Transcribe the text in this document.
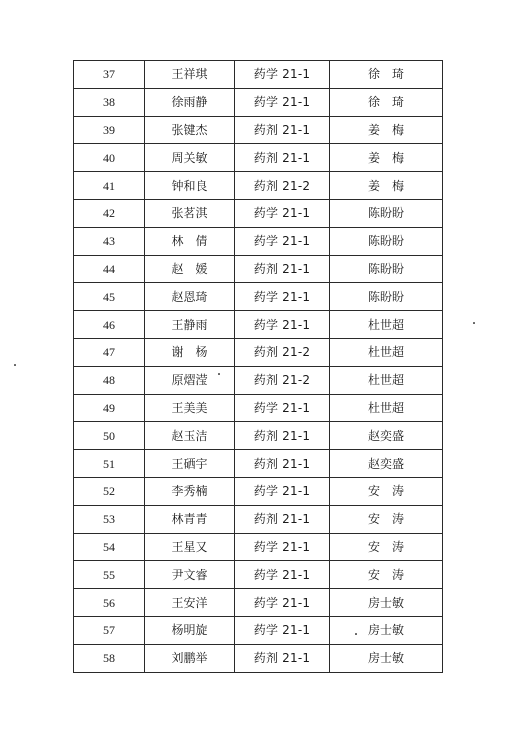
37	王祥琪	药学 21-1	徐　琦
38	徐雨静	药学 21-1	徐　琦
39	张键杰	药剂 21-1	姜　梅
40	周关敏	药剂 21-1	姜　梅
41	钟和良	药剂 21-2	姜　梅
42	张茗淇	药学 21-1	陈盼盼
43	林　倩	药学 21-1	陈盼盼
44	赵　媛	药剂 21-1	陈盼盼
45	赵恩琦	药学 21-1	陈盼盼
46	王静雨	药学 21-1	杜世超
47	谢　杨	药剂 21-2	杜世超
48	原熠滢	药剂 21-2	杜世超
49	王美美	药学 21-1	杜世超
50	赵玉洁	药剂 21-1	赵奕盛
51	王硒宇	药剂 21-1	赵奕盛
52	李秀楠	药学 21-1	安　涛
53	林青青	药剂 21-1	安　涛
54	王星又	药学 21-1	安　涛
55	尹文睿	药学 21-1	安　涛
56	王安洋	药学 21-1	房士敏
57	杨明旋	药学 21-1	房士敏
58	刘鹏举	药剂 21-1	房士敏
